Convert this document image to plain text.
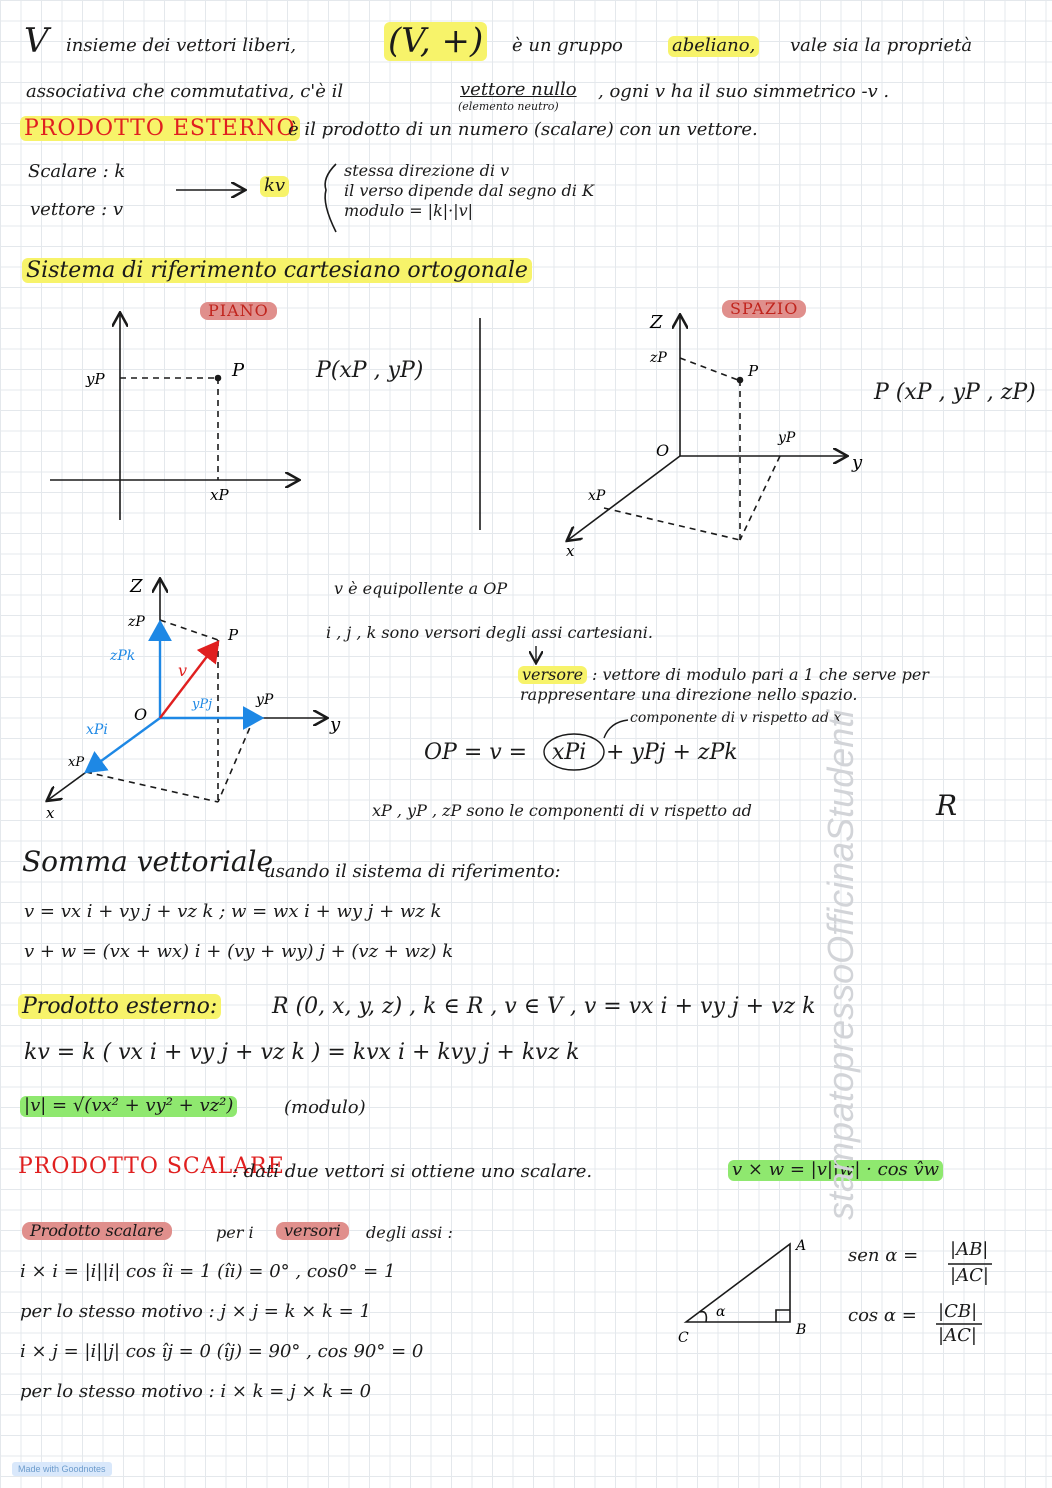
V insieme dei vettori liberi,	(V, +) è un gruppo	abeliano, vale sia la proprietà
associativa che commutativa, c'è il	vettore nullo
(elemento neutro)
, ogni v ha il suo simmetrico -v .
PRODOTTO ESTERNO
è il prodotto di un numero (scalare) con un vettore.
Scalare : k
vettore : v
kv
stessa direzione di v
il verso dipende dal segno di K
modulo = |k|·|v|
Sistema di riferimento cartesiano ortogonale
PIANO	SPAZIO
P(xP , yP)
P (xP , yP , zP)
v è equipollente a OP
i , j , k sono versori degli assi cartesiani.
versore : vettore di modulo pari a 1 che serve per
rappresentare una direzione nello spazio.
componente di v rispetto ad x
OP = v = xPi + yPj + zPk
xP , yP , zP sono le componenti di v rispetto ad	R
Somma vettoriale
usando il sistema di riferimento:
v = vx i + vy j + vz k ; w = wx i + wy j + wz k
v + w = (vx + wx) i + (vy + wy) j + (vz + wz) k
Prodotto esterno: R (0, x, y, z) , k ∈ R , v ∈ V , v = vx i + vy j + vz k
kv = k ( vx i + vy j + vz k ) = kvx i + kvy j + kvz k
|v| = √(vx² + vy² + vz²)	(modulo)
PRODOTTO SCALARE
: dati due vettori si ottiene uno scalare.	v × w = |v||w| · cos v̂w
Prodotto scalare	per i	versori	degli assi :
i × i = |i||i| cos îi = 1 (îi) = 0° , cos0° = 1
per lo stesso motivo : j × j = k × k = 1
i × j = |i||j| cos îj = 0 (îj) = 90° , cos 90° = 0
per lo stesso motivo : i × k = j × k = 0
sen α = |AB|
|AC|
cos α = |CB|
|AC|
stampatopressoOfficinaStudenti
Made with Goodnotes
P
yP
xP
Z
zP
P
O
yP
y
xP
x
Z
zP
P
zPk
v
yPj	yP
O	y
xPi
xP
x
A
B
C
α
